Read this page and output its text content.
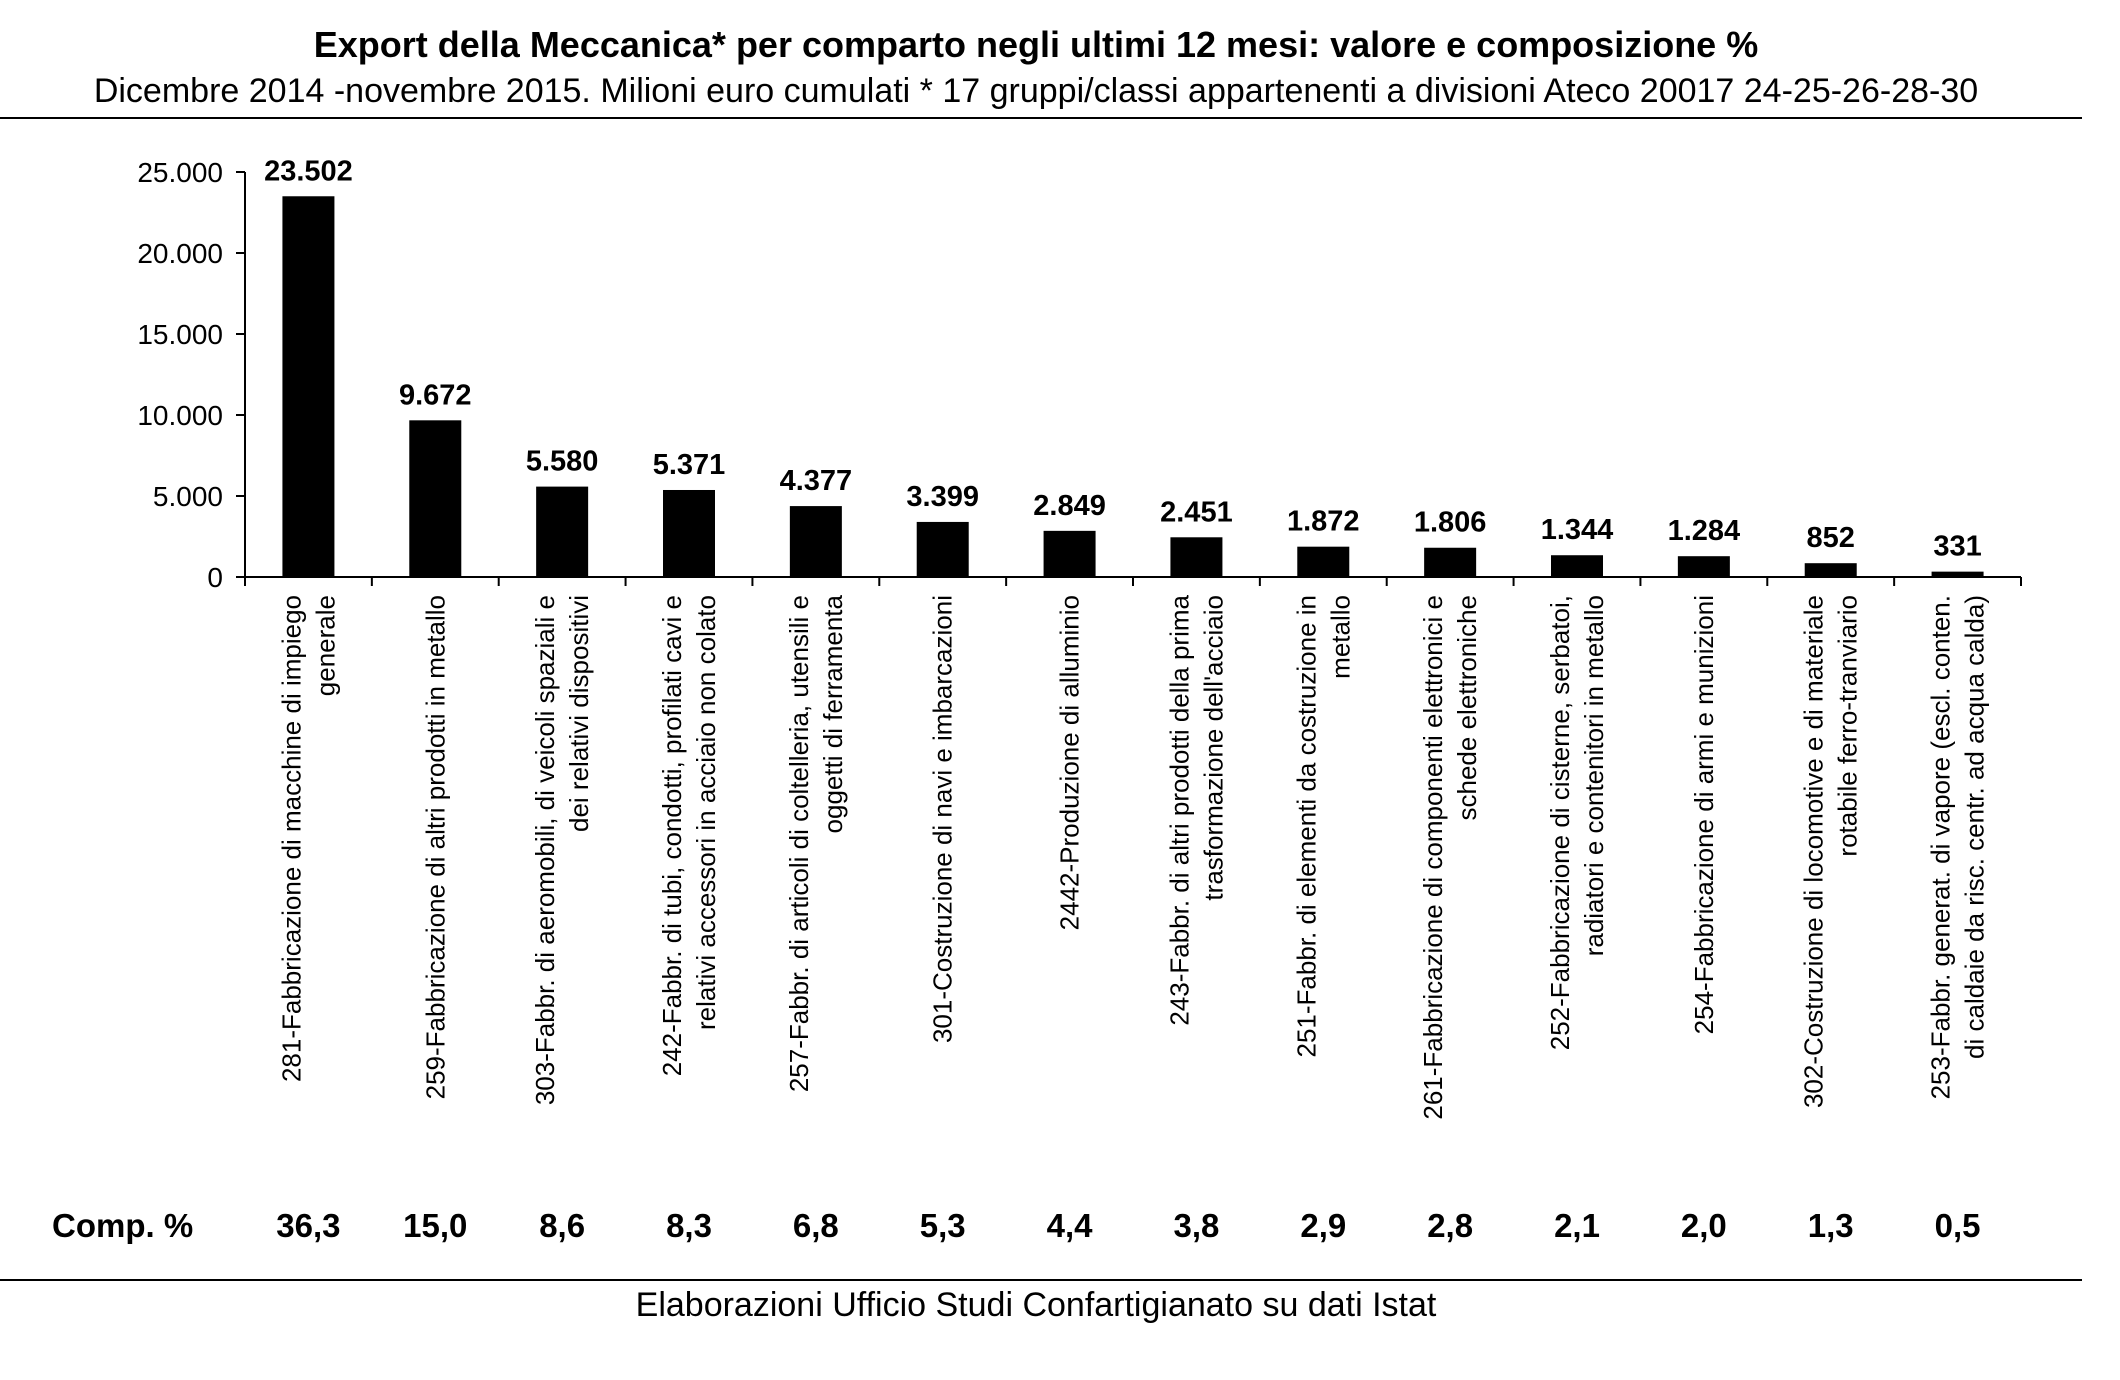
Export della Meccanica* per comparto negli ultimi 12 mesi: valore e composizione %
Dicembre 2014 -novembre 2015. Milioni euro cumulati * 17 gruppi/classi appartenenti a divisioni Ateco 20017 24-25-26-28-30
0
5.000
10.000
15.000
20.000
25.000 23.502
9.672
5.580 5.371
4.377 3.399 2.849 2.451 1.872 1.806 1.344 1.284 852	331
281-Fabbricazione di macchine di impiego generale	259-Fabbricazione di altri prodotti in metallo	303-Fabbr. di aeromobili, di veicoli spaziali e dei relativi dispositivi 242-Fabbr. di tubi, condotti, profilati cavi e relativi accessori in acciaio non colato 257-Fabbr. di articoli di coltelleria, utensili e oggetti di ferramenta	301-Costruzione di navi e imbarcazioni	2442-Produzione di alluminio	243-Fabbr. di altri prodotti della prima trasformazione dell'acciaio 251-Fabbr. di elementi da costruzione in metallo 261-Fabbricazione di componenti elettronici e schede elettroniche 252-Fabbricazione di cisterne, serbatoi, radiatori e contenitori in metallo	254-Fabbricazione di armi e munizioni	302-Costruzione di locomotive e di materiale rotabile ferro-tranviario 253-Fabbr. generat. di vapore (escl. conten. di caldaie da risc. centr. ad acqua calda)
Comp. %	36,3 15,0 8,6 8,3 6,8 5,3 4,4 3,8 2,9 2,8 2,1 2,0 1,3 0,5
Elaborazioni Ufficio Studi Confartigianato su dati Istat
